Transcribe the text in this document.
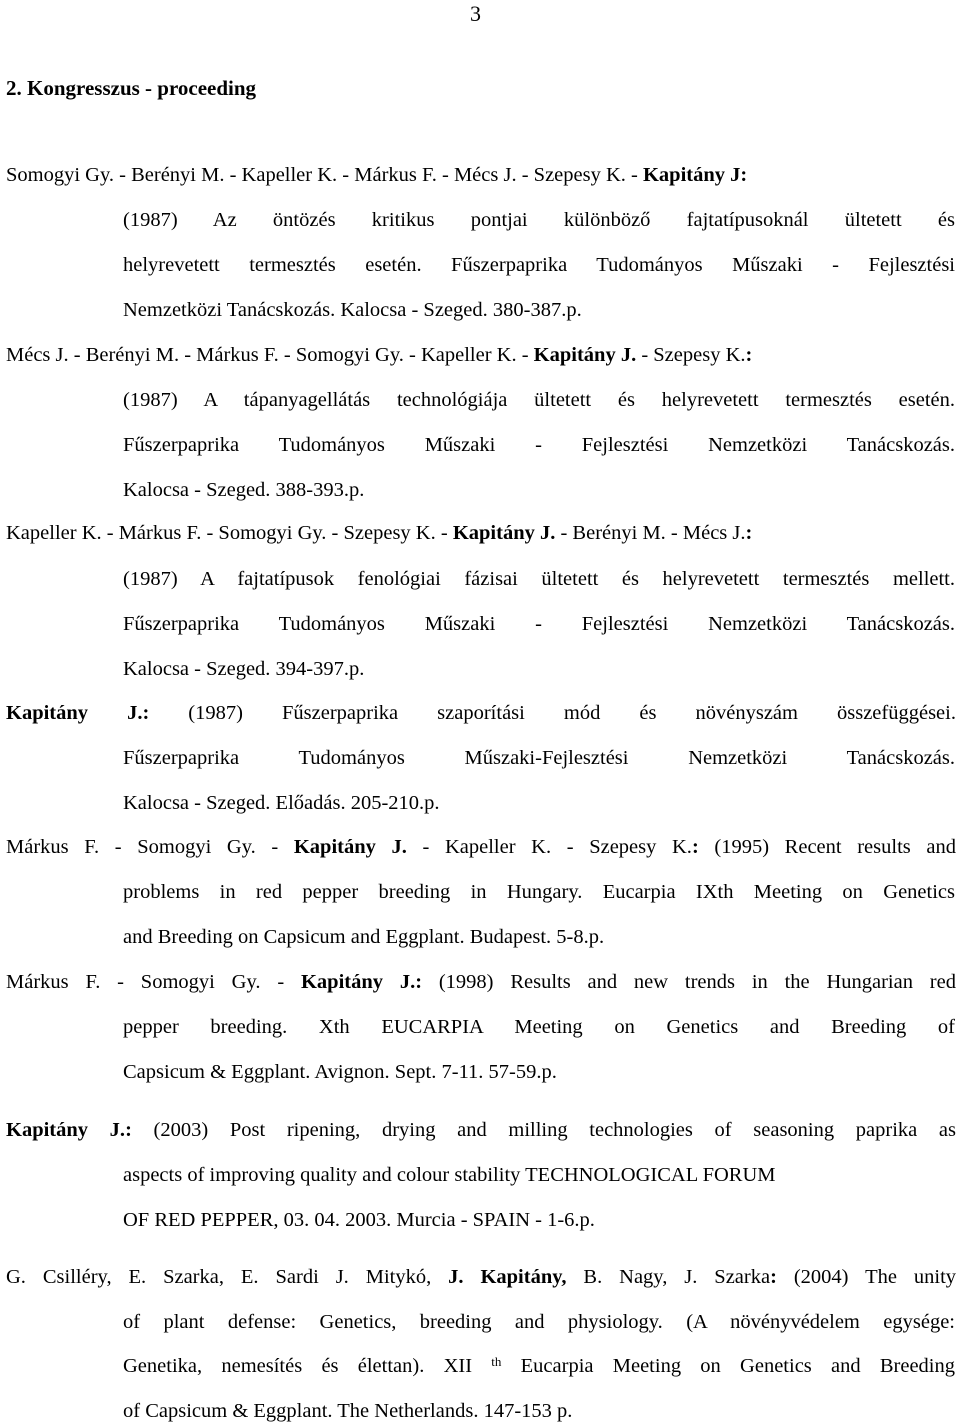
3
2. Kongresszus - proceeding
Somogyi Gy. - Berényi M. - Kapeller K. - Márkus F. - Mécs J. - Szepesy K. - Kapitány J:
(1987) Az öntözés kritikus pontjai különböző fajtatípusoknál ültetett és
helyrevetett termesztés esetén. Fűszerpaprika Tudományos Műszaki - Fejlesztési
Nemzetközi Tanácskozás. Kalocsa - Szeged. 380-387.p.
Mécs J. - Berényi M. - Márkus F. - Somogyi Gy. - Kapeller K. - Kapitány J. - Szepesy K.:
(1987) A tápanyagellátás technológiája ültetett és helyrevetett termesztés esetén.
Fűszerpaprika Tudományos Műszaki - Fejlesztési Nemzetközi Tanácskozás.
Kalocsa - Szeged. 388-393.p.
Kapeller K. - Márkus F. - Somogyi Gy. - Szepesy K. - Kapitány J. - Berényi M. - Mécs J.:
(1987) A fajtatípusok fenológiai fázisai ültetett és helyrevetett termesztés mellett.
Fűszerpaprika Tudományos Műszaki - Fejlesztési Nemzetközi Tanácskozás.
Kalocsa - Szeged. 394-397.p.
Kapitány J.: (1987) Fűszerpaprika szaporítási mód és növényszám összefüggései.
Fűszerpaprika Tudományos Műszaki-Fejlesztési Nemzetközi Tanácskozás.
Kalocsa - Szeged. Előadás. 205-210.p.
Márkus F. - Somogyi Gy. - Kapitány J. - Kapeller K. - Szepesy K.: (1995) Recent results and
problems in red pepper breeding in Hungary. Eucarpia IXth Meeting on Genetics
and Breeding on Capsicum and Eggplant. Budapest. 5-8.p.
Márkus F. - Somogyi Gy. - Kapitány J.: (1998) Results and new trends in the Hungarian red
pepper breeding. Xth EUCARPIA Meeting on Genetics and Breeding of
Capsicum & Eggplant. Avignon. Sept. 7-11. 57-59.p.
Kapitány J.: (2003) Post ripening, drying and milling technologies of seasoning paprika as
aspects of improving quality and colour stability TECHNOLOGICAL FORUM
OF RED PEPPER, 03. 04. 2003. Murcia - SPAIN - 1-6.p.
G. Csilléry, E. Szarka, E. Sardi J. Mitykó, J. Kapitány, B. Nagy, J. Szarka: (2004) The unity
of plant defense: Genetics, breeding and physiology. (A növényvédelem egysége:
Genetika, nemesítés és élettan). XII $^{th}$ Eucarpia Meeting on Genetics and Breeding
of Capsicum & Eggplant. The Netherlands. 147-153 p.
